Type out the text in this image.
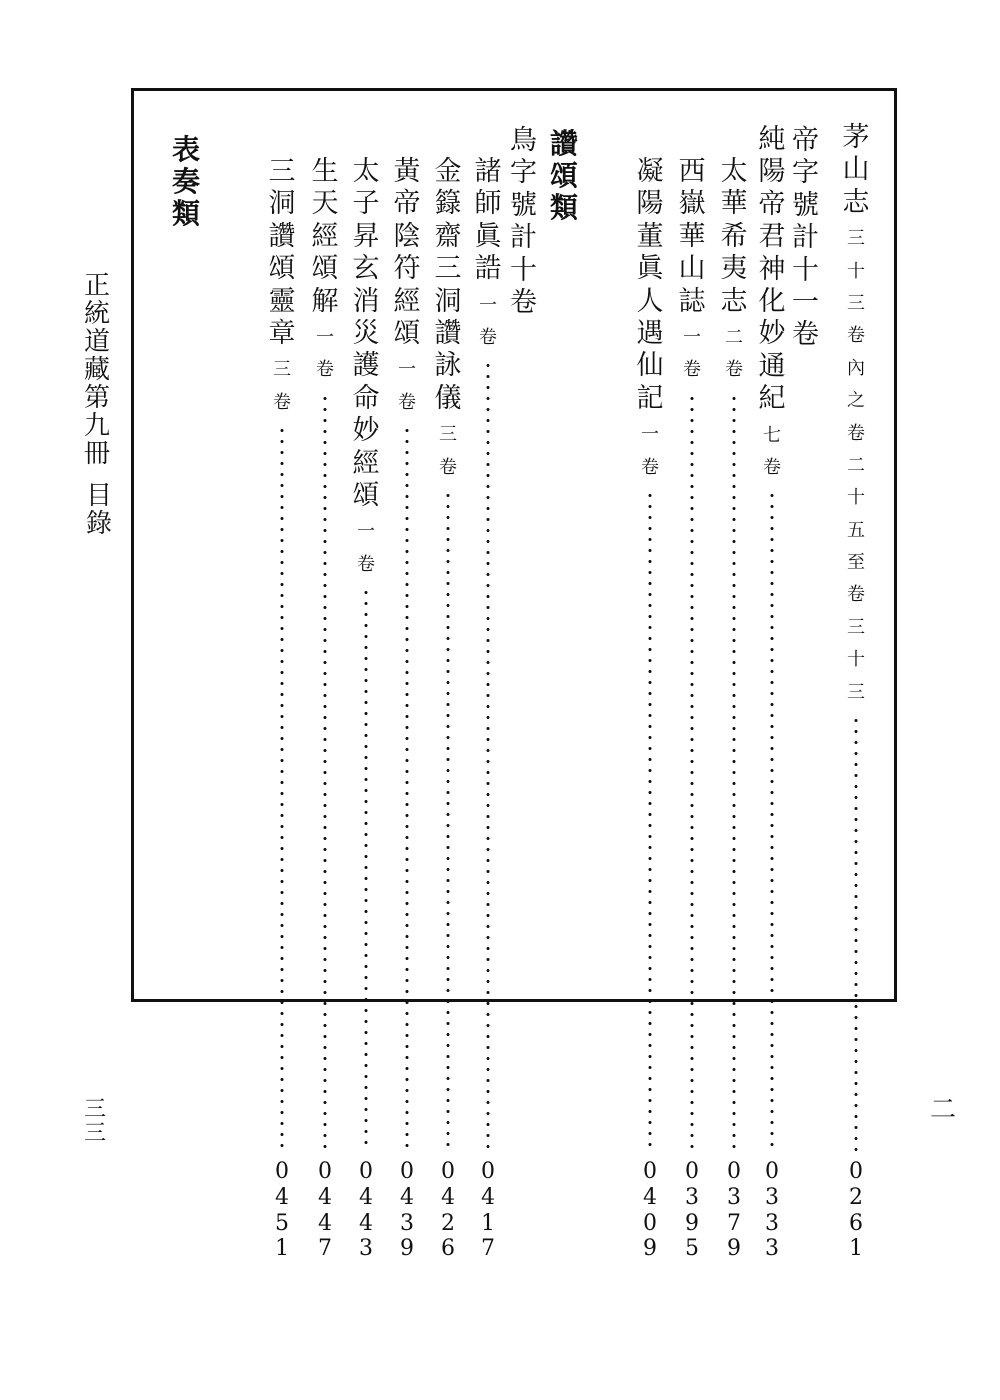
正
統
道
藏
第
九
冊
目
錄
三
三
二
帝
字
號
計
十
一
卷
讚
頌
類
鳥
字
號
計
十
卷
表
奏
類
茅
山
志
三
十
三
卷
內
之
卷
二
十
五
至
卷
三
十
三
0
2
6
1
純
陽
帝
君
神
化
妙
通
紀
七
卷
0
3
3
3
太
華
希
夷
志
二
卷
0
3
7
9
西
嶽
華
山
誌
一
卷
0
3
9
5
凝
陽
董
眞
人
遇
仙
記
一
卷
0
4
0
9
諸
師
眞
誥
一
卷
0
4
1
7
金
籙
齋
三
洞
讚
詠
儀
三
卷
0
4
2
6
黃
帝
陰
符
經
頌
一
卷
0
4
3
9
太
子
昇
玄
消
災
護
命
妙
經
頌
一
卷
0
4
4
3
生
天
經
頌
解
一
卷
0
4
4
7
三
洞
讚
頌
靈
章
三
卷
0
4
5
1
